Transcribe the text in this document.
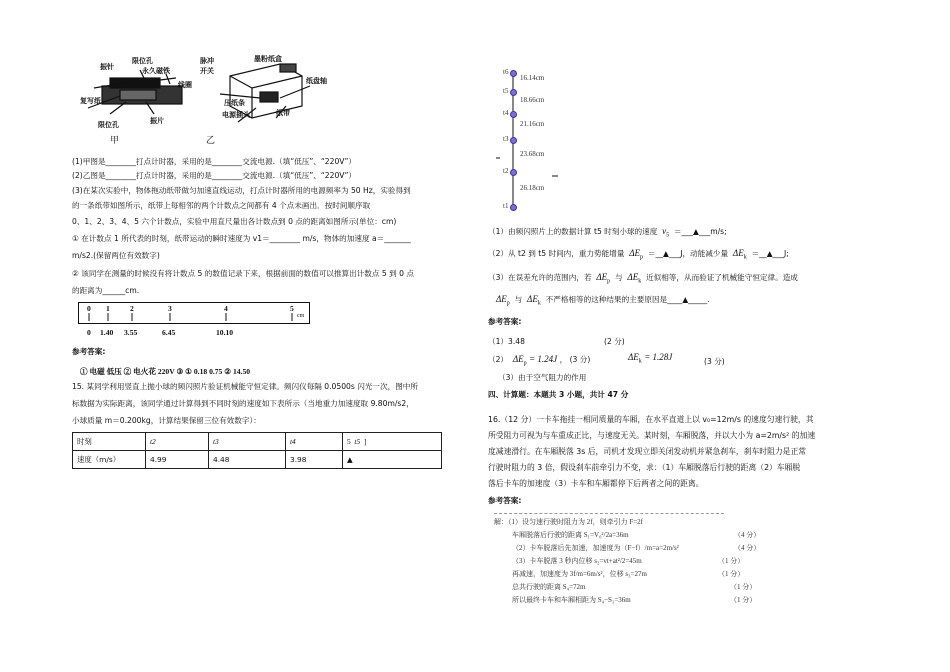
振针
限位孔
永久磁铁
线圈
复写纸
限位孔	振片
脉冲
开关
墨粉纸盒
纸盘轴
压纸条
电源插头	纸带
甲	乙
(1)甲图是________打点计时器，采用的是________交流电源.（填“低压”、“220V”）
(2)乙图是________打点计时器，采用的是________交流电源.（填“低压”、“220V”）
(3)在某次实验中，物体拖动纸带做匀加速直线运动，打点计时器所用的电源频率为 50 Hz，实验得到
的一条纸带如图所示，纸带上每相邻的两个计数点之间都有 4 个点未画出．按时间顺序取
0、1、2、3、4、5 六个计数点，实验中用直尺量出各计数点到 0 点的距离如图所示(单位：cm)
① 在计数点 1 所代表的时刻，纸带运动的瞬时速度为 v1＝________ m/s，物体的加速度 a＝_______
m/s2.(保留两位有效数字)
② 该同学在测量的时候没有将计数点 5 的数值记录下来，根据前面的数值可以推算出计数点 5 到 0 点
的距离为______cm.
0 1	2	3	4	5
cm
0 1.40 3.55	6.45	10.10
参考答案:
① 电磁 低压 ② 电火花 220V ③ ① 0.18 0.75 ② 14.50
15. 某同学利用竖直上抛小球的频闪照片验证机械能守恒定律。频闪仪每隔 0.0500s 闪光一次，图中所
标数据为实际距离，该同学通过计算得到不同时刻的速度如下表所示（当地重力加速度取 9.80m/s2，
小球质量 m＝0.200kg，计算结果保留三位有效数字）：
时刻	t2	t3	t4	5 t5 ]
速度（m/s）	4.99	4.48	3.98	▲
t6
t5
t4
t3
t2
t1
16.14cm
18.66cm
21.16cm
23.68cm
26.18cm
（1）由频闪照片上的数据计算 t5 时刻小球的速度 $v_5$ ＝___▲___m/s;
（2）从 t2 到 t5 时间内，重力势能增量 $\Delta E_p$ ＝__▲___J，动能减少量 $\Delta E_k$ ＝__▲___J;
（3）在误差允许的范围内，若 $\Delta E_p$ 与 $\Delta E_k$ 近似相等，从而验证了机械能守恒定律。造成
$\Delta E_p$ 与 $\Delta E_k$ 不严格相等的这种结果的主要原因是____▲_____.
参考答案:
（1）3.48	(2 分)
（2） $\Delta E_p = 1.24J$ ， (3 分)	$\Delta E_k = 1.28J$	(3 分)
（3）由于空气阻力的作用
四、计算题：本题共 3 小题，共计 47 分
16.（12 分）一卡车拖挂一相同质量的车厢，在水平直道上以 v₀=12m/s 的速度匀速行驶，其
所受阻力可视为与车重成正比，与速度无关。某时刻，车厢脱落，并以大小为 a=2m/s² 的加速
度减速滑行。在车厢脱落 3s 后，司机才发现立即关闭发动机并紧急刹车，刹车时阻力是正常
行驶时阻力的 3 倍，假设刹车前牵引力不变，求：（1）车厢脱落后行驶的距离（2）车厢脱
落后卡车的加速度（3）卡车和车厢都停下后两者之间的距离。
参考答案:
解：（1）设匀速行驶时阻力为 2f，则牵引力 F=2f
车厢脱落后行驶的距离 S₁=V₀²/2a=36m	（4 分）
（2）卡车脱落后先加速，加速度为（F−f）/m=a=2m/s²	（4 分）
（3）卡车脱落 3 秒内位移 s₂=vt+at²/2=45m	（1 分）
再减速，加速度为 3f/m=6m/s²，位移 s₃=27m	（1 分）
总共行驶的距离 S₄=72m	（1 分）
所以最终卡车和车厢相距为 S₄−S₁=36m	（1 分）
